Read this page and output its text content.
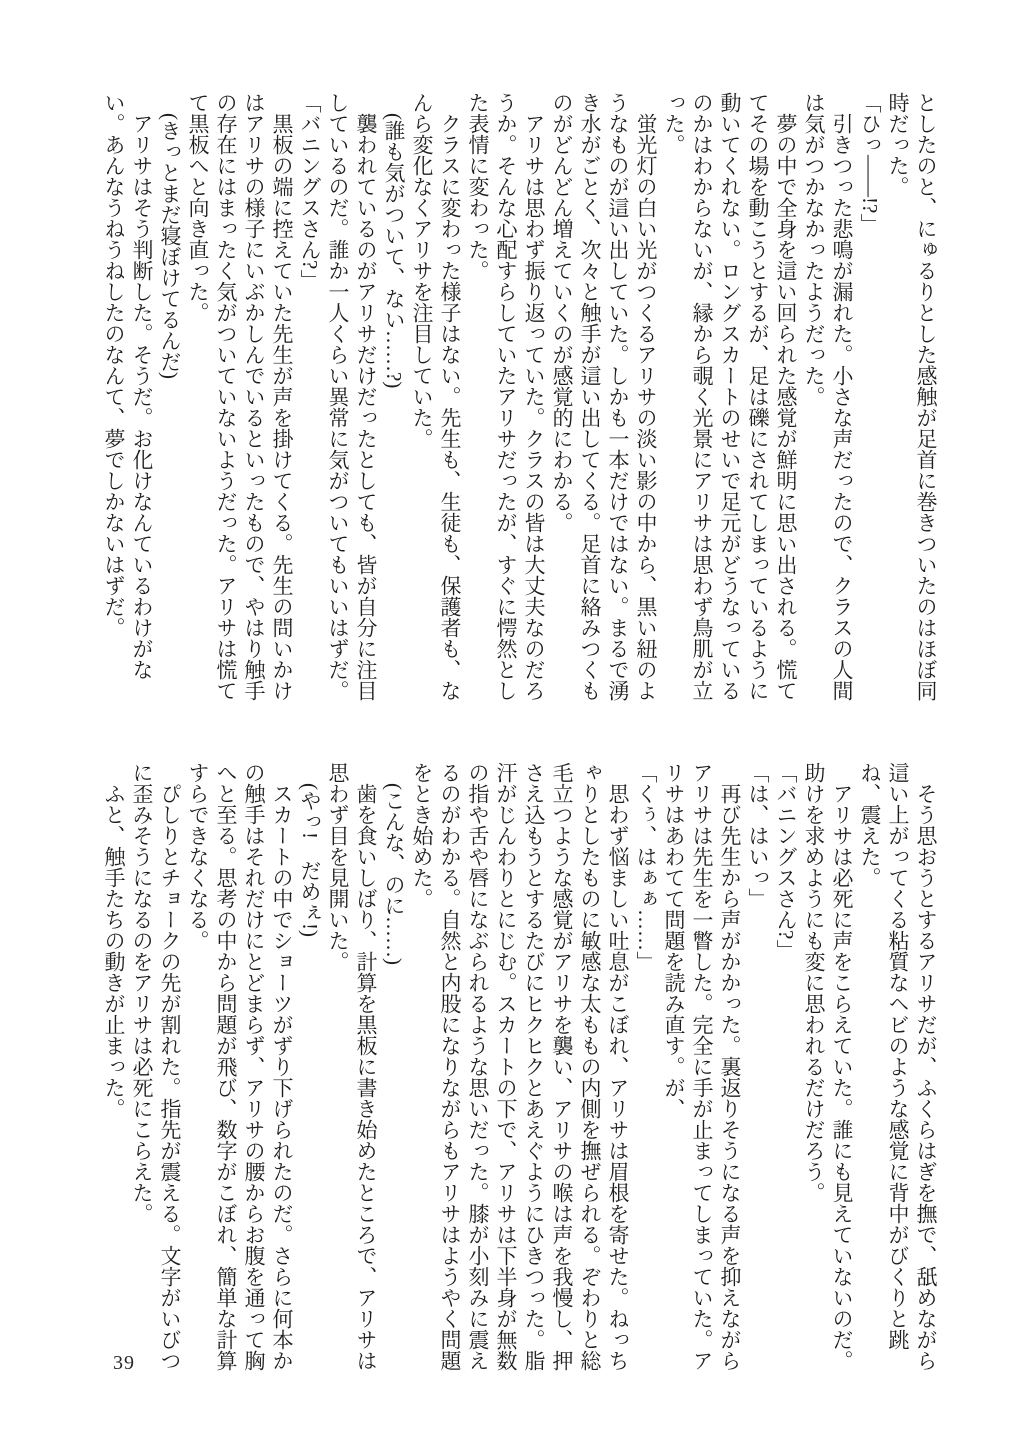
としたのと、にゅるりとした感触が足首に巻きついたのはほぼ同時だった。

「ひっ――!?」

引きつった悲鳴が漏れた。小さな声だったので、クラスの人間は気がつかなかったようだった。

夢の中で全身を這い回られた感覚が鮮明に思い出される。慌ててその場を動こうとするが、足は礫にされてしまっているように動いてくれない。ロングスカートのせいで足元がどうなっているのかはわからないが、縁から覗く光景にアリサは思わず鳥肌が立った。

蛍光灯の白い光がつくるアリサの淡い影の中から、黒い紐のようなものが這い出していた。しかも一本だけではない。まるで湧き水がごとく、次々と触手が這い出してくる。足首に絡みつくものがどんどん増えていくのが感覚的にわかる。

アリサは思わず振り返っていた。クラスの皆は大丈夫なのだろうか。そんな心配すらしていたアリサだったが、すぐに愕然とした表情に変わった。

クラスに変わった様子はない。先生も、生徒も、保護者も、なんら変化なくアリサを注目していた。

(誰も気がついて、ない……?)

襲われているのがアリサだけだったとしても、皆が自分に注目しているのだ。誰か一人くらい異常に気がついてもいいはずだ。

「バニングスさん?」

黒板の端に控えていた先生が声を掛けてくる。先生の問いかけはアリサの様子にいぶかしんでいるといったもので、やはり触手の存在にはまったく気がついていないようだった。アリサは慌てて黒板へと向き直った。

(きっとまだ寝ぼけてるんだ)

アリサはそう判断した。そうだ。お化けなんているわけがない。あんなうねうねしたのなんて、夢でしかないはずだ。

そう思おうとするアリサだが、ふくらはぎを撫で、舐めながら這い上がってくる粘質なヘビのような感覚に背中がびくりと跳ね、震えた。

アリサは必死に声をこらえていた。誰にも見えていないのだ。助けを求めようにも変に思われるだけだろう。

「バニングスさん?」

「は、はいっ」

再び先生から声がかかった。裏返りそうになる声を抑えながらアリサは先生を一瞥した。完全に手が止まってしまっていた。アリサはあわてて問題を読み直す。が、

「くぅ、はぁぁ……」

思わず悩ましい吐息がこぼれ、アリサは眉根を寄せた。ねっちゃりとしたものに敏感な太ももの内側を撫ぜられる。ぞわりと総毛立つような感覚がアリサを襲い、アリサの喉は声を我慢し、押さえ込もうとするたびにヒクヒクとあえぐようにひきつった。脂汗がじんわりとにじむ。スカートの下で、アリサは下半身が無数の指や舌や唇になぶられるような思いだった。膝が小刻みに震えるのがわかる。自然と内股になりながらもアリサはようやく問題をとき始めた。

(こんな、のに……)

歯を食いしばり、計算を黒板に書き始めたところで、アリサは思わず目を見開いた。

(やっ!　だめぇ!)

スカートの中でショーツがずり下げられたのだ。さらに何本かの触手はそれだけにとどまらず、アリサの腰からお腹を通って胸へと至る。思考の中から問題が飛び、数字がこぼれ、簡単な計算すらできなくなる。

ぴしりとチョークの先が割れた。指先が震える。文字がいびつに歪みそうになるのをアリサは必死にこらえた。

ふと、触手たちの動きが止まった。

39
